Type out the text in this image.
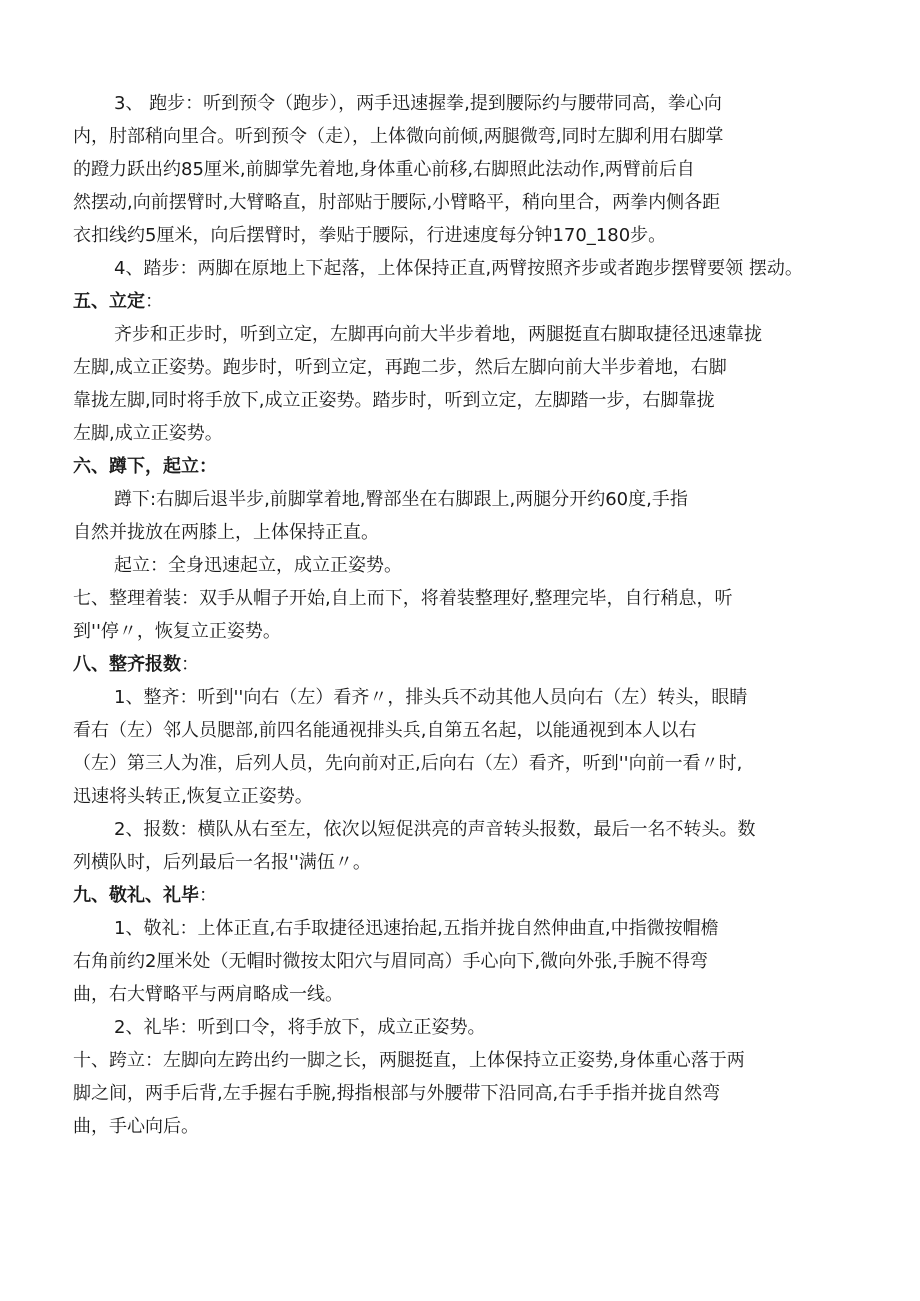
3、 跑步：听到预令（跑步），两手迅速握拳,提到腰际约与腰带同高，拳心向
内，肘部稍向里合。听到预令（走），上体微向前倾,两腿微弯,同时左脚利用右脚掌
的蹬力跃出约85厘米,前脚掌先着地,身体重心前移,右脚照此法动作,两臂前后自
然摆动,向前摆臂时,大臂略直，肘部贴于腰际,小臂略平，稍向里合，两拳内侧各距
衣扣线约5厘米，向后摆臂时，拳贴于腰际，行进速度每分钟170_180步。
4、踏步：两脚在原地上下起落，上体保持正直,两臂按照齐步或者跑步摆臂要领 摆动。
五、立定：
齐步和正步时，听到立定，左脚再向前大半步着地，两腿挺直右脚取捷径迅速靠拢
左脚,成立正姿势。跑步时，听到立定，再跑二步，然后左脚向前大半步着地，右脚
靠拢左脚,同时将手放下,成立正姿势。踏步时，听到立定，左脚踏一步，右脚靠拢
左脚,成立正姿势。
六、蹲下，起立：
蹲下:右脚后退半步,前脚掌着地,臀部坐在右脚跟上,两腿分开约60度,手指
自然并拢放在两膝上，上体保持正直。
起立：全身迅速起立，成立正姿势。
七、整理着装：双手从帽子开始,自上而下，将着装整理好,整理完毕，自行稍息，听
到''停〃，恢复立正姿势。
八、整齐报数：
1、整齐：听到''向右（左）看齐〃，排头兵不动其他人员向右（左）转头，眼睛
看右（左）邻人员腮部,前四名能通视排头兵,自第五名起，以能通视到本人以右
（左）第三人为准，后列人员，先向前对正,后向右（左）看齐，听到''向前一看〃时,
迅速将头转正,恢复立正姿势。
2、报数：横队从右至左，依次以短促洪亮的声音转头报数，最后一名不转头。数
列横队时，后列最后一名报''满伍〃。
九、敬礼、礼毕：
1、敬礼：上体正直,右手取捷径迅速抬起,五指并拢自然伸曲直,中指微按帽檐
右角前约2厘米处（无帽时微按太阳穴与眉同高）手心向下,微向外张,手腕不得弯
曲，右大臂略平与两肩略成一线。
2、礼毕：听到口令，将手放下，成立正姿势。
十、跨立：左脚向左跨出约一脚之长，两腿挺直，上体保持立正姿势,身体重心落于两
脚之间，两手后背,左手握右手腕,拇指根部与外腰带下沿同高,右手手指并拢自然弯
曲，手心向后。
